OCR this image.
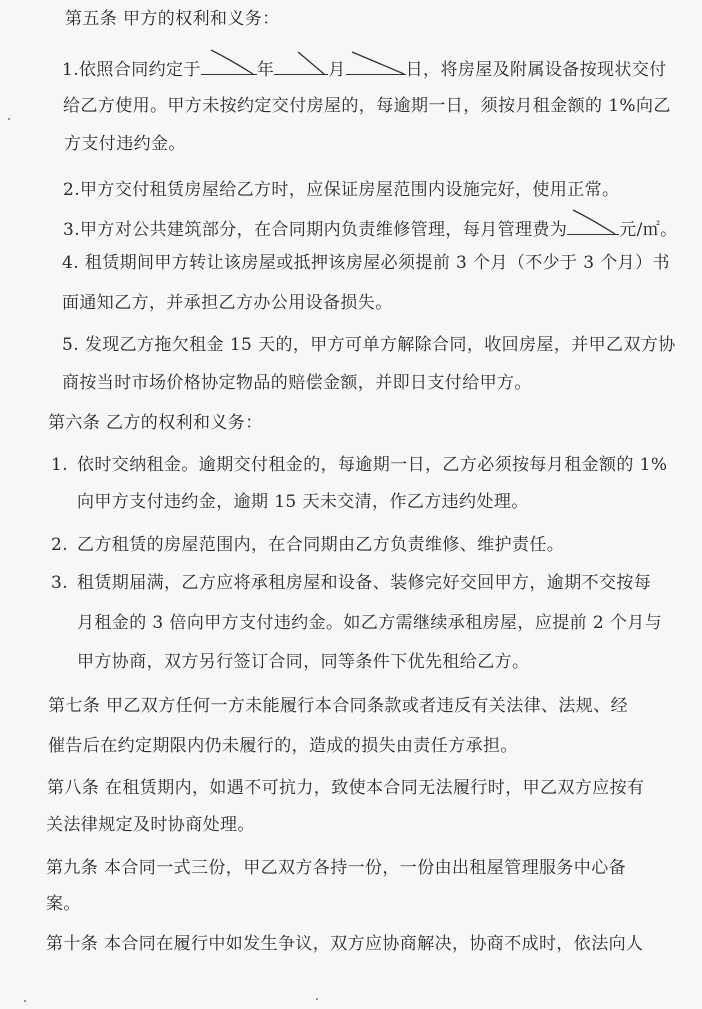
第五条 甲方的权利和义务：
1.依照合同约定于	年	月	日，将房屋及附属设备按现状交付
给乙方使用。甲方未按约定交付房屋的，每逾期一日，须按月租金额的 1%向乙
方支付违约金。
2.甲方交付租赁房屋给乙方时，应保证房屋范围内设施完好，使用正常。
3.甲方对公共建筑部分，在合同期内负责维修管理，每月管理费为	元/㎡。
4. 租赁期间甲方转让该房屋或抵押该房屋必须提前 3 个月（不少于 3 个月）书
面通知乙方，并承担乙方办公用设备损失。
5. 发现乙方拖欠租金 15 天的，甲方可单方解除合同，收回房屋，并甲乙双方协
商按当时市场价格协定物品的赔偿金额，并即日支付给甲方。
第六条 乙方的权利和义务：
1. 依时交纳租金。逾期交付租金的，每逾期一日，乙方必须按每月租金额的 1%
向甲方支付违约金，逾期 15 天未交清，作乙方违约处理。
2. 乙方租赁的房屋范围内，在合同期由乙方负责维修、维护责任。
3. 租赁期届满，乙方应将承租房屋和设备、装修完好交回甲方，逾期不交按每
月租金的 3 倍向甲方支付违约金。如乙方需继续承租房屋，应提前 2 个月与
甲方协商，双方另行签订合同，同等条件下优先租给乙方。
第七条 甲乙双方任何一方未能履行本合同条款或者违反有关法律、法规、经
催告后在约定期限内仍未履行的，造成的损失由责任方承担。
第八条 在租赁期内，如遇不可抗力，致使本合同无法履行时，甲乙双方应按有
关法律规定及时协商处理。
第九条 本合同一式三份，甲乙双方各持一份，一份由出租屋管理服务中心备
案。
第十条 本合同在履行中如发生争议，双方应协商解决，协商不成时，依法向人
